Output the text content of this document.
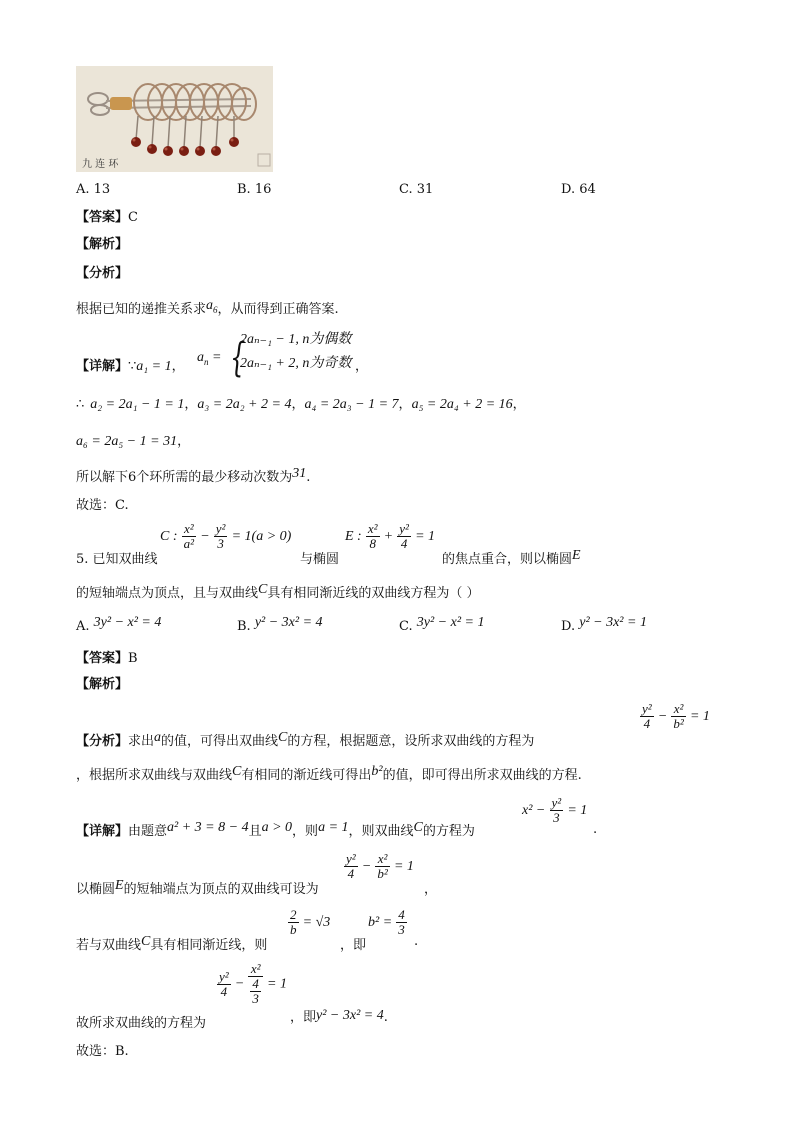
九 连 环
A. 13	B. 16	C. 31	D. 64
【答案】C
【解析】
【分析】
根据已知的递推关系求$a_6$，从而得到正确答案.
【详解】∵a₁ = 1，
$a_n$ = {
2aₙ₋₁ − 1, n为偶数
2aₙ₋₁ + 2, n为奇数 ，
∴ a₂ = 2a₁ − 1 = 1，a₃ = 2a₂ + 2 = 4，a₄ = 2a₃ − 1 = 7，a₅ = 2a₄ + 2 = 16，
a₆ = 2a₅ − 1 = 31，
所以解下6个环所需的最少移动次数为31.
故选：C.
5. 已知双曲线
C : $\frac{\text{x²}}{\text{a²}} - \frac{\text{y²}}{3} = 1(a > 0)$
与椭圆
E : $\frac{\text{x²}}{8} + \frac{\text{y²}}{4} = 1$
的焦点重合，则以椭圆E
的短轴端点为顶点，且与双曲线C具有相同渐近线的双曲线方程为（ ）
A. 3y² − x² = 4	B. y² − 3x² = 4	C. 3y² − x² = 1	D. y² − 3x² = 1
【答案】B
【解析】
【分析】求出a的值，可得出双曲线C的方程，根据题意，设所求双曲线的方程为
$\frac{\text{y²}}{4} - \frac{\text{x²}}{\text{b²}} = 1$
，根据所求双曲线与双曲线C有相同的渐近线可得出b²的值，即可得出所求双曲线的方程.
【详解】由题意a² + 3 = 8 − 4且a > 0，则a = 1，则双曲线C的方程为
$x^2 - \frac{\text{y²}}{3} = 1$
.
以椭圆E的短轴端点为顶点的双曲线可设为
$\frac{\text{y²}}{4} - \frac{\text{x²}}{\text{b²}} = 1$
，
若与双曲线C具有相同渐近线，则
$\frac{2}{b} = √3$
，即
$b^2 = \frac{4}{3}$
.
$\frac{\text{y²}}{4} - \frac{\text{x²}}{\frac{4}{3}} = 1$
故所求双曲线的方程为	，即y² − 3x² = 4.
故选：B.
